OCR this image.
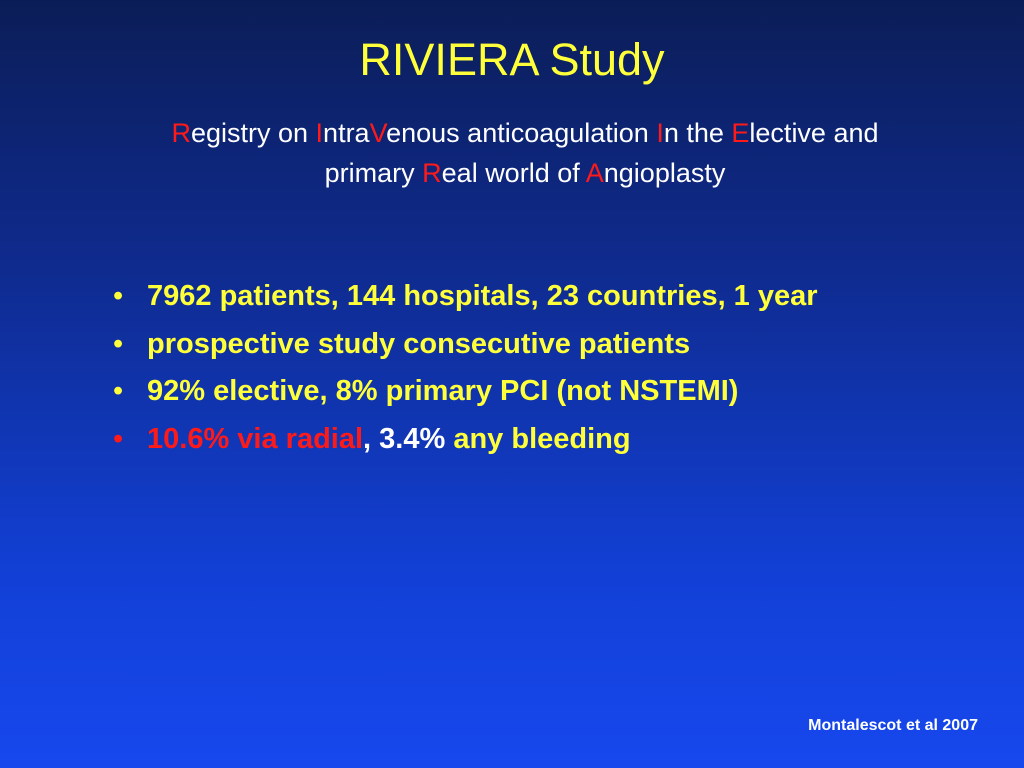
RIVIERA Study

Registry on IntraVenous anticoagulation In the Elective and
primary Real world of Angioplasty

• 7962 patients, 144 hospitals, 23 countries, 1 year
• prospective study consecutive patients
• 92% elective, 8% primary PCI (not NSTEMI)
• 10.6% via radial, 3.4% any bleeding

Montalescot et al 2007
